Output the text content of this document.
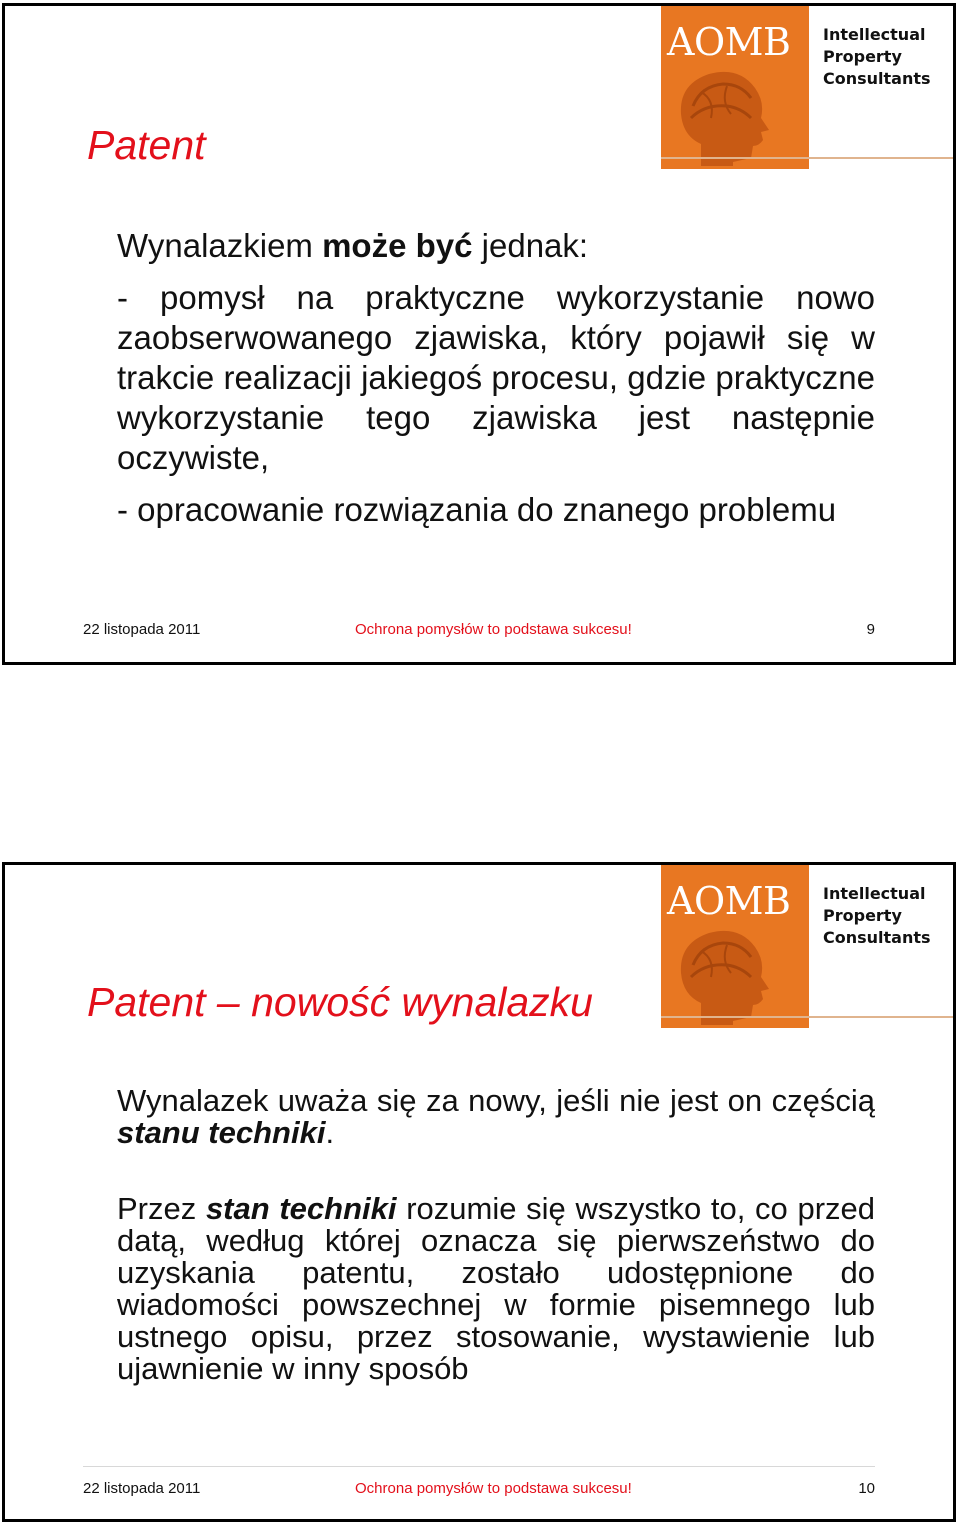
AOMB Intellectual
Property
Consultants
Patent

Wynalazkiem może być jednak:

- pomysł na praktyczne wykorzystanie nowo zaobserwowanego zjawiska, który pojawił się w trakcie realizacji jakiegoś procesu, gdzie praktyczne wykorzystanie tego zjawiska jest następnie oczywiste,

- opracowanie rozwiązania do znanego problemu

22 listopada 2011	Ochrona pomysłów to podstawa sukcesu!	9
AOMB Intellectual
Property
Consultants
Patent – nowość wynalazku

Wynalazek uważa się za nowy, jeśli nie jest on częścią stanu techniki.

Przez stan techniki rozumie się wszystko to, co przed datą, według której oznacza się pierwszeństwo do uzyskania patentu, zostało udostępnione do wiadomości powszechnej w formie pisemnego lub ustnego opisu, przez stosowanie, wystawienie lub ujawnienie w inny sposób

22 listopada 2011	Ochrona pomysłów to podstawa sukcesu!	10
